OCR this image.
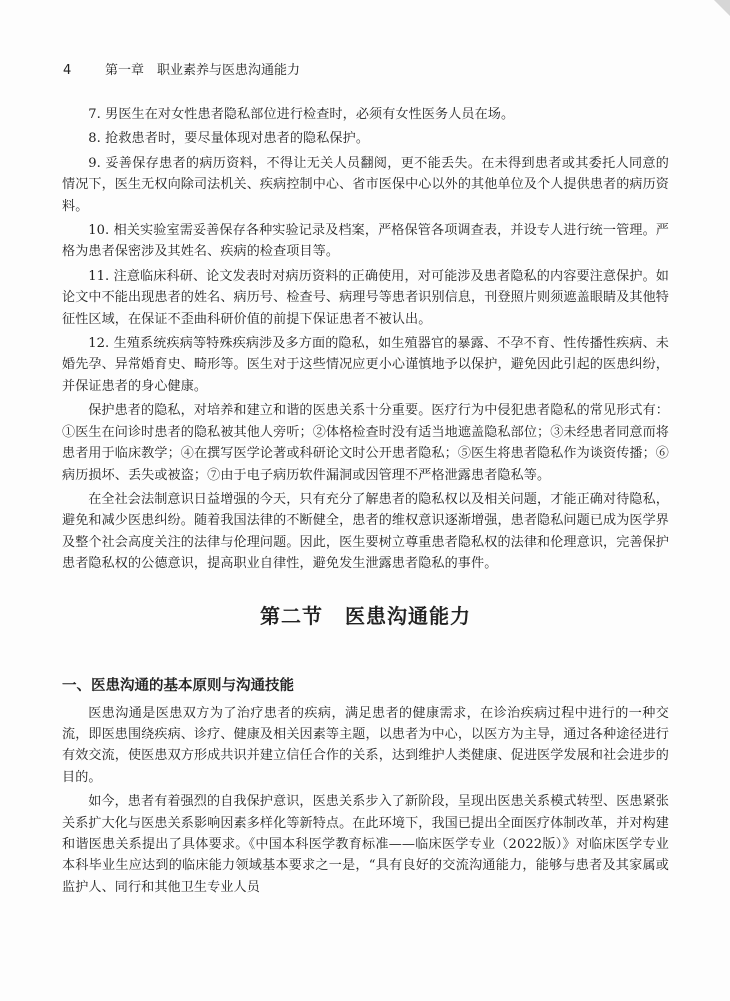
4	第一章　职业素养与医患沟通能力

7. 男医生在对女性患者隐私部位进行检查时，必须有女性医务人员在场。

8. 抢救患者时，要尽量体现对患者的隐私保护。

9. 妥善保存患者的病历资料，不得让无关人员翻阅，更不能丢失。在未得到患者或其委托人同意的情况下，医生无权向除司法机关、疾病控制中心、省市医保中心以外的其他单位及个人提供患者的病历资料。

10. 相关实验室需妥善保存各种实验记录及档案，严格保管各项调查表，并设专人进行统一管理。严格为患者保密涉及其姓名、疾病的检查项目等。

11. 注意临床科研、论文发表时对病历资料的正确使用，对可能涉及患者隐私的内容要注意保护。如论文中不能出现患者的姓名、病历号、检查号、病理号等患者识别信息，刊登照片则须遮盖眼睛及其他特征性区域，在保证不歪曲科研价值的前提下保证患者不被认出。

12. 生殖系统疾病等特殊疾病涉及多方面的隐私，如生殖器官的暴露、不孕不育、性传播性疾病、未婚先孕、异常婚育史、畸形等。医生对于这些情况应更小心谨慎地予以保护，避免因此引起的医患纠纷，并保证患者的身心健康。

保护患者的隐私，对培养和建立和谐的医患关系十分重要。医疗行为中侵犯患者隐私的常见形式有：①医生在问诊时患者的隐私被其他人旁听；②体格检查时没有适当地遮盖隐私部位；③未经患者同意而将患者用于临床教学；④在撰写医学论著或科研论文时公开患者隐私；⑤医生将患者隐私作为谈资传播；⑥病历损坏、丢失或被盗；⑦由于电子病历软件漏洞或因管理不严格泄露患者隐私等。

在全社会法制意识日益增强的今天，只有充分了解患者的隐私权以及相关问题，才能正确对待隐私，避免和减少医患纠纷。随着我国法律的不断健全，患者的维权意识逐渐增强，患者隐私问题已成为医学界及整个社会高度关注的法律与伦理问题。因此，医生要树立尊重患者隐私权的法律和伦理意识，完善保护患者隐私权的公德意识，提高职业自律性，避免发生泄露患者隐私的事件。

第二节 医患沟通能力
一、医患沟通的基本原则与沟通技能

医患沟通是医患双方为了治疗患者的疾病，满足患者的健康需求，在诊治疾病过程中进行的一种交流，即医患围绕疾病、诊疗、健康及相关因素等主题，以患者为中心，以医方为主导，通过各种途径进行有效交流，使医患双方形成共识并建立信任合作的关系，达到维护人类健康、促进医学发展和社会进步的目的。

如今，患者有着强烈的自我保护意识，医患关系步入了新阶段，呈现出医患关系模式转型、医患紧张关系扩大化与医患关系影响因素多样化等新特点。在此环境下，我国已提出全面医疗体制改革，并对构建和谐医患关系提出了具体要求。《中国本科医学教育标准——临床医学专业（2022版）》对临床医学专业本科毕业生应达到的临床能力领域基本要求之一是，“具有良好的交流沟通能力，能够与患者及其家属或监护人、同行和其他卫生专业人员
